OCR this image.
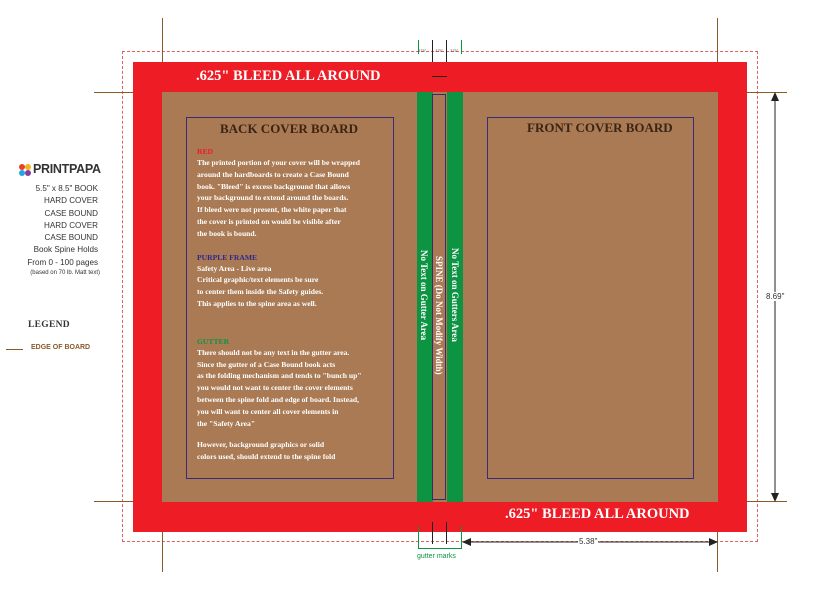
PRINTPAPA
5.5" x 8.5" BOOK
HARD COVER
CASE BOUND
HARD COVER
CASE BOUND
Book Spine Holds
From 0 - 100 pages
(based on 70 lb. Matt text)
LEGEND
EDGE OF BOARD
No Text on Gutter Area SPINE (Do Not Modify Width) No Text on Gutters Area
.625" BLEED ALL AROUND
.625" BLEED ALL AROUND
BACK COVER BOARD
RED
The printed portion of your cover will be wrapped
around the hardboards to create a Case Bound
book. "Bleed" is excess background that allows
your background to extend around the boards.
If bleed were not present, the white paper that
the cover is printed on would be visible after
the book is bound.
PURPLE FRAME
Safety Area - Live area
Critical graphic/text elements be sure
to center them inside the Safety guides.
This applies to the spine area as well.
GUTTER
There should not be any text in the gutter area.
Since the gutter of a Case Bound book acts
as the folding mechanism and tends to "bunch up"
you would not want to center the cover elements
between the spine fold and edge of board. Instead,
you will want to center all cover elements in
the "Safety Area"
However, background graphics or solid
colors used, should extend to the spine fold
FRONT COVER BOARD
.375" .375" .375"
gutter marks
8.69"
5.38"
